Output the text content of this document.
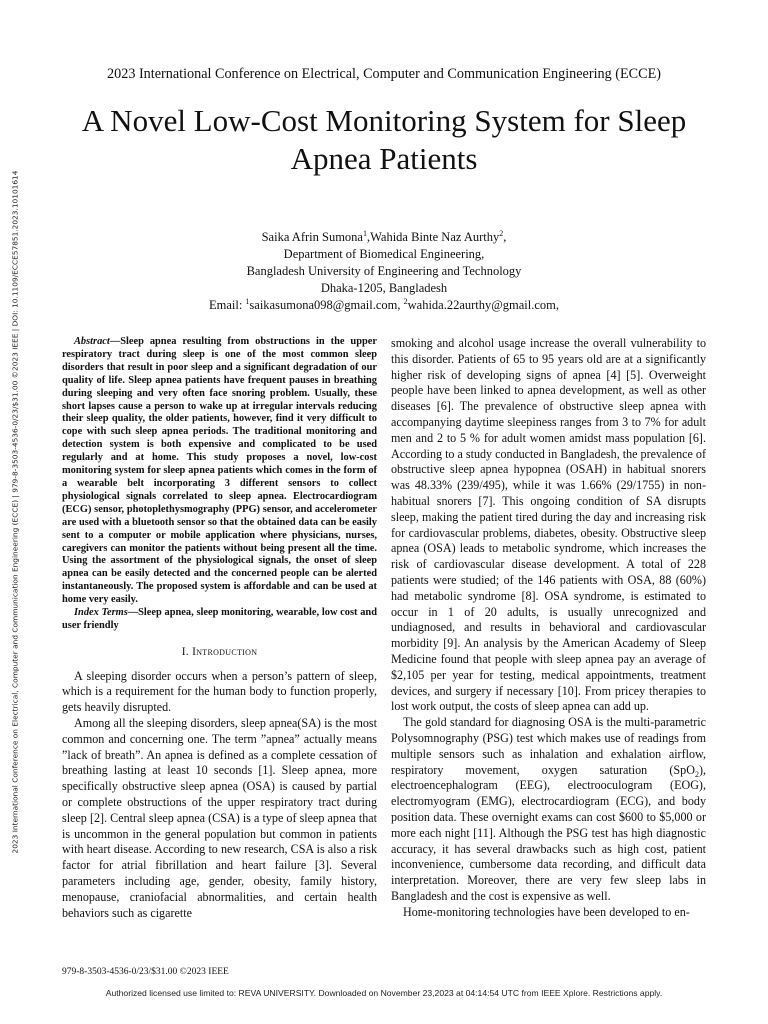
2023 International Conference on Electrical, Computer and Communication Engineering (ECCE)
2023 International Conference on Electrical, Computer and Communication Engineering (ECCE) | 979-8-3503-4536-0/23/$31.00 ©2023 IEEE | DOI: 10.1109/ECCE57851.2023.10101614
A Novel Low-Cost Monitoring System for Sleep
Apnea Patients
Saika Afrin Sumona$^1$,Wahida Binte Naz Aurthy$^2$,
Department of Biomedical Engineering,
Bangladesh University of Engineering and Technology
Dhaka-1205, Bangladesh
Email: $^1$saikasumona098@gmail.com, $^2$wahida.22aurthy@gmail.com,

Abstract—Sleep apnea resulting from obstructions in the upper respiratory tract during sleep is one of the most common sleep disorders that result in poor sleep and a significant degradation of our quality of life. Sleep apnea patients have frequent pauses in breathing during sleeping and very often face snoring problem. Usually, these short lapses cause a person to wake up at irregular intervals reducing their sleep quality, the older patients, however, find it very difficult to cope with such sleep apnea periods. The traditional monitoring and detection system is both expensive and complicated to be used regularly and at home. This study proposes a novel, low-cost monitoring system for sleep apnea patients which comes in the form of a wearable belt incorporating 3 different sensors to collect physiological signals correlated to sleep apnea. Electrocardiogram (ECG) sensor, photoplethysmography (PPG) sensor, and accelerometer are used with a bluetooth sensor so that the obtained data can be easily sent to a computer or mobile application where physicians, nurses, caregivers can monitor the patients without being present all the time. Using the assortment of the physiological signals, the onset of sleep apnea can be easily detected and the concerned people can be alerted instantaneously. The proposed system is affordable and can be used at home very easily.

Index Terms—Sleep apnea, sleep monitoring, wearable, low cost and user friendly

I. Introduction

A sleeping disorder occurs when a person’s pattern of sleep, which is a requirement for the human body to function properly, gets heavily disrupted.

Among all the sleeping disorders, sleep apnea(SA) is the most common and concerning one. The term ”apnea” actually means ”lack of breath”. An apnea is defined as a complete cessation of breathing lasting at least 10 seconds [1]. Sleep apnea, more specifically obstructive sleep apnea (OSA) is caused by partial or complete obstructions of the upper respiratory tract during sleep [2]. Central sleep apnea (CSA) is a type of sleep apnea that is uncommon in the general population but common in patients with heart disease. According to new research, CSA is also a risk factor for atrial fibrillation and heart failure [3]. Several parameters including age, gender, obesity, family history, menopause, craniofacial abnormalities, and certain health behaviors such as cigarette

smoking and alcohol usage increase the overall vulnerability to this disorder. Patients of 65 to 95 years old are at a significantly higher risk of developing signs of apnea [4] [5]. Overweight people have been linked to apnea development, as well as other diseases [6]. The prevalence of obstructive sleep apnea with accompanying daytime sleepiness ranges from 3 to 7% for adult men and 2 to 5 % for adult women amidst mass population [6]. According to a study conducted in Bangladesh, the prevalence of obstructive sleep apnea hypopnea (OSAH) in habitual snorers was 48.33% (239/495), while it was 1.66% (29/1755) in non-habitual snorers [7]. This ongoing condition of SA disrupts sleep, making the patient tired during the day and increasing risk for cardiovascular problems, diabetes, obesity. Obstructive sleep apnea (OSA) leads to metabolic syndrome, which increases the risk of cardiovascular disease development. A total of 228 patients were studied; of the 146 patients with OSA, 88 (60%) had metabolic syndrome [8]. OSA syndrome, is estimated to occur in 1 of 20 adults, is usually unrecognized and undiagnosed, and results in behavioral and cardiovascular morbidity [9]. An analysis by the American Academy of Sleep Medicine found that people with sleep apnea pay an average of $2,105 per year for testing, medical appointments, treatment devices, and surgery if necessary [10]. From pricey therapies to lost work output, the costs of sleep apnea can add up.

The gold standard for diagnosing OSA is the multi-parametric Polysomnography (PSG) test which makes use of readings from multiple sensors such as inhalation and exhalation airflow, respiratory movement, oxygen saturation (SpO$_2$), electroencephalogram (EEG), electrooculogram (EOG), electromyogram (EMG), electrocardiogram (ECG), and body position data. These overnight exams can cost $600 to $5,000 or more each night [11]. Although the PSG test has high diagnostic accuracy, it has several drawbacks such as high cost, patient inconvenience, cumbersome data recording, and difficult data interpretation. Moreover, there are very few sleep labs in Bangladesh and the cost is expensive as well.

Home-monitoring technologies have been developed to en-

979-8-3503-4536-0/23/$31.00 ©2023 IEEE
Authorized licensed use limited to: REVA UNIVERSITY. Downloaded on November 23,2023 at 04:14:54 UTC from IEEE Xplore. Restrictions apply.
